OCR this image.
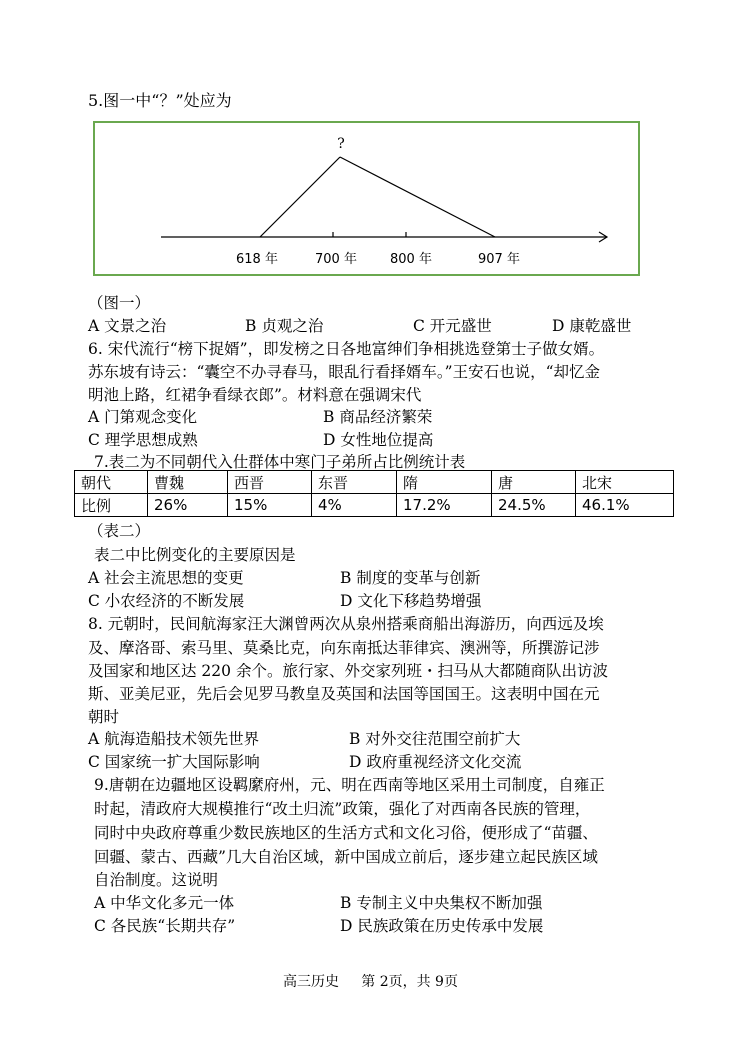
5.图一中“？”处应为
?
618 年	700 年	800 年	907 年
（图一）
A 文景之治	B 贞观之治	C 开元盛世	D 康乾盛世
6. 宋代流行“榜下捉婿”，即发榜之日各地富绅们争相挑选登第士子做女婿。
苏东坡有诗云：“囊空不办寻春马，眼乱行看择婿车。”王安石也说，“却忆金
明池上路，红裙争看绿衣郎”。材料意在强调宋代
A 门第观念变化	B 商品经济繁荣
C 理学思想成熟	D 女性地位提高
7.表二为不同朝代入仕群体中寒门子弟所占比例统计表
朝代	曹魏	西晋	东晋	隋	唐	北宋
比例	26%	15%	4%	17.2%	24.5%	46.1%
（表二）
表二中比例变化的主要原因是
A 社会主流思想的变更	B 制度的变革与创新
C 小农经济的不断发展	D 文化下移趋势增强
8. 元朝时，民间航海家汪大渊曾两次从泉州搭乘商船出海游历，向西远及埃
及、摩洛哥、索马里、莫桑比克，向东南抵达菲律宾、澳洲等，所撰游记涉
及国家和地区达 220 余个。旅行家、外交家列班・扫马从大都随商队出访波
斯、亚美尼亚，先后会见罗马教皇及英国和法国等国国王。这表明中国在元
朝时
A 航海造船技术领先世界	B 对外交往范围空前扩大
C 国家统一扩大国际影响	D 政府重视经济文化交流
9.唐朝在边疆地区设羁縻府州，元、明在西南等地区采用土司制度，自雍正
时起，清政府大规模推行“改土归流”政策，强化了对西南各民族的管理，
同时中央政府尊重少数民族地区的生活方式和文化习俗，便形成了“苗疆、
回疆、蒙古、西藏”几大自治区域，新中国成立前后，逐步建立起民族区域
自治制度。这说明
A 中华文化多元一体	B 专制主义中央集权不断加强
C 各民族“长期共存”	D 民族政策在历史传承中发展
高三历史     第 2页，共 9页
